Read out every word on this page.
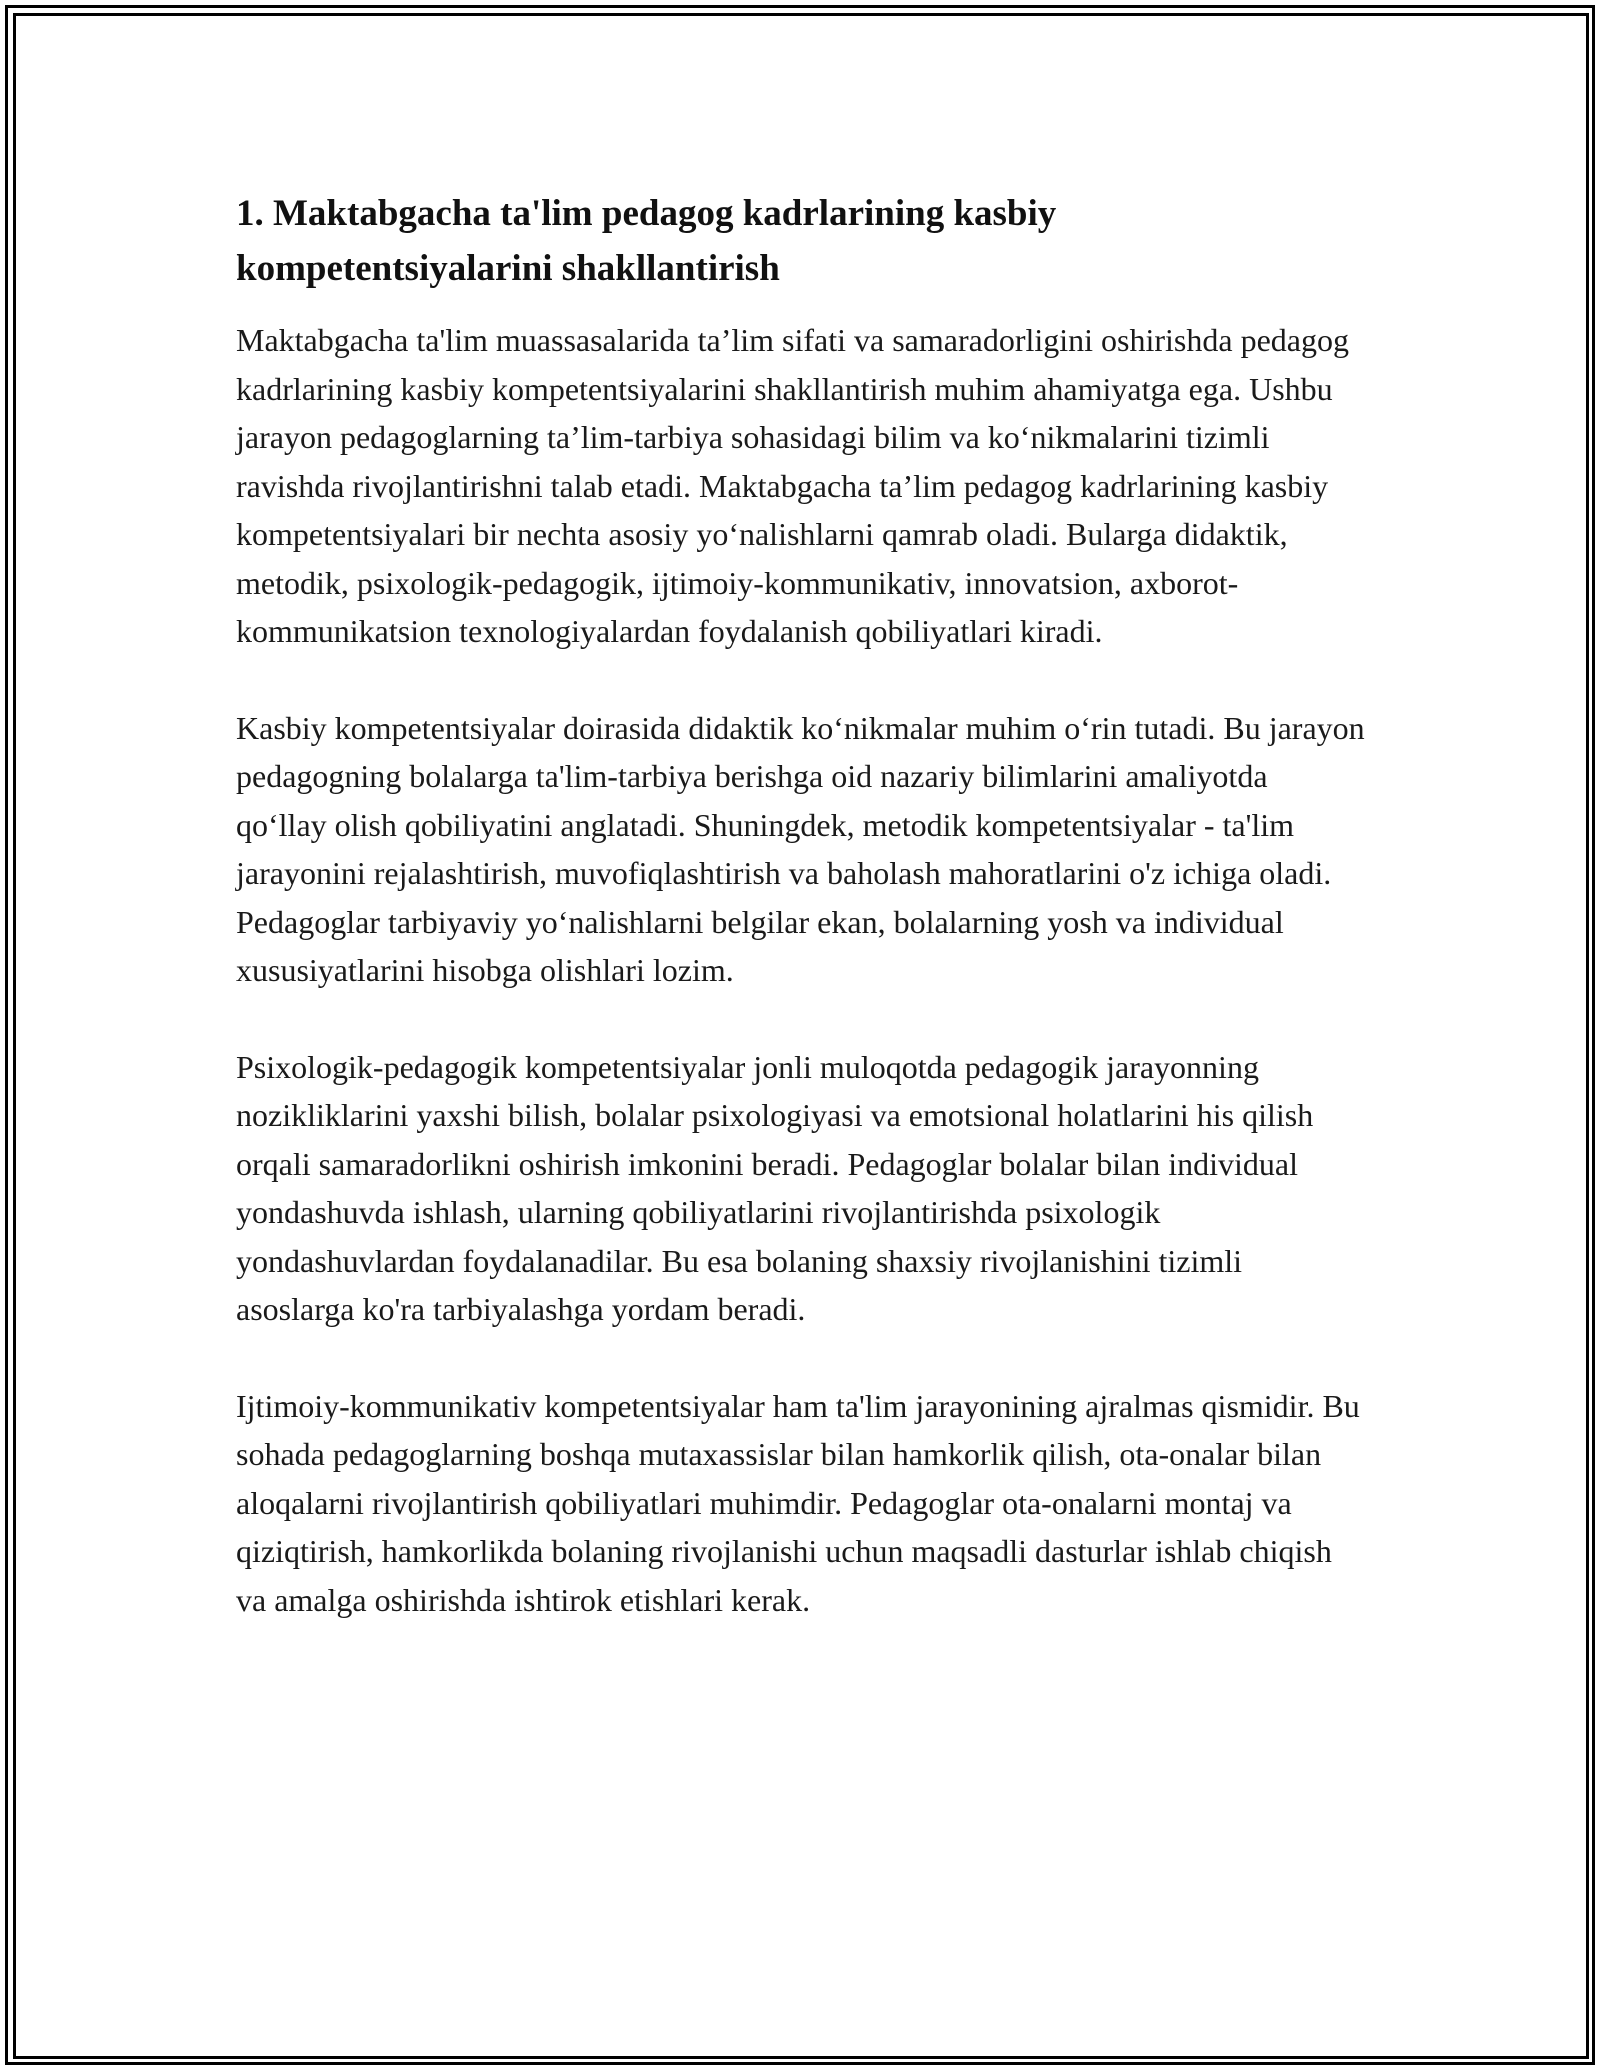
1. Maktabgacha ta'lim pedagog kadrlarining kasbiy kompetentsiyalarini shakllantirish

Maktabgacha ta'lim muassasalarida ta’lim sifati va samaradorligini oshirishda pedagog kadrlarining kasbiy kompetentsiyalarini shakllantirish muhim ahamiyatga ega. Ushbu jarayon pedagoglarning ta’lim-tarbiya sohasidagi bilim va ko‘nikmalarini tizimli ravishda rivojlantirishni talab etadi. Maktabgacha ta’lim pedagog kadrlarining kasbiy kompetentsiyalari bir nechta asosiy yo‘nalishlarni qamrab oladi. Bularga didaktik, metodik, psixologik-pedagogik, ijtimoiy-kommunikativ, innovatsion, axborot-kommunikatsion texnologiyalardan foydalanish qobiliyatlari kiradi.

Kasbiy kompetentsiyalar doirasida didaktik ko‘nikmalar muhim o‘rin tutadi. Bu jarayon pedagogning bolalarga ta'lim-tarbiya berishga oid nazariy bilimlarini amaliyotda qo‘llay olish qobiliyatini anglatadi. Shuningdek, metodik kompetentsiyalar - ta'lim jarayonini rejalashtirish, muvofiqlashtirish va baholash mahoratlarini o'z ichiga oladi. Pedagoglar tarbiyaviy yo‘nalishlarni belgilar ekan, bolalarning yosh va individual xususiyatlarini hisobga olishlari lozim.

Psixologik-pedagogik kompetentsiyalar jonli muloqotda pedagogik jarayonning nozikliklarini yaxshi bilish, bolalar psixologiyasi va emotsional holatlarini his qilish orqali samaradorlikni oshirish imkonini beradi. Pedagoglar bolalar bilan individual yondashuvda ishlash, ularning qobiliyatlarini rivojlantirishda psixologik yondashuvlardan foydalanadilar. Bu esa bolaning shaxsiy rivojlanishini tizimli asoslarga ko'ra tarbiyalashga yordam beradi.

Ijtimoiy-kommunikativ kompetentsiyalar ham ta'lim jarayonining ajralmas qismidir. Bu sohada pedagoglarning boshqa mutaxassislar bilan hamkorlik qilish, ota-onalar bilan aloqalarni rivojlantirish qobiliyatlari muhimdir. Pedagoglar ota-onalarni montaj va qiziqtirish, hamkorlikda bolaning rivojlanishi uchun maqsadli dasturlar ishlab chiqish va amalga oshirishda ishtirok etishlari kerak.
